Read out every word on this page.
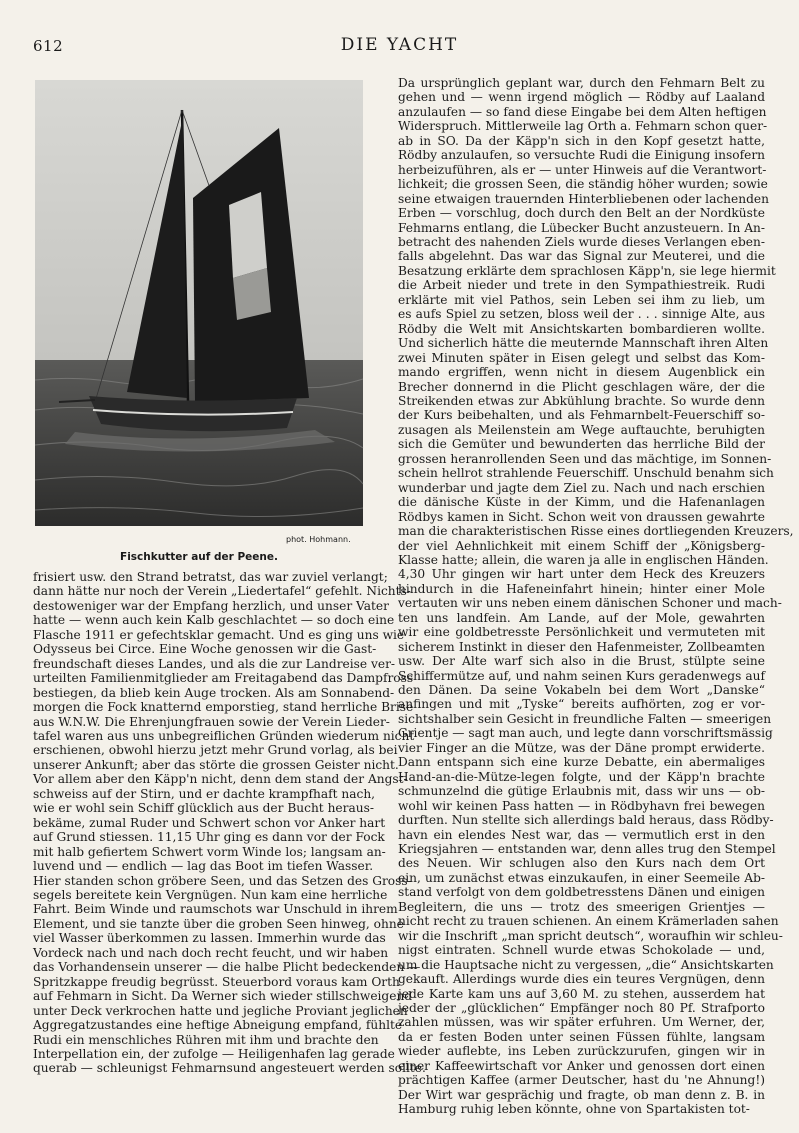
612	DIE YACHT
phot. Hohmann.
Fischkutter auf der Peene.
Da ursprünglich geplant war, durch den Fehmarn Belt zu
gehen und — wenn irgend möglich — Rödby auf Laaland
anzulaufen — so fand diese Eingabe bei dem Alten heftigen
Widerspruch. Mittlerweile lag Orth a. Fehmarn schon quer-
ab in SO. Da der Käpp'n sich in den Kopf gesetzt hatte,
Rödby anzulaufen, so versuchte Rudi die Einigung insofern
herbeizuführen, als er — unter Hinweis auf die Verantwort-
lichkeit; die grossen Seen, die ständig höher wurden; sowie
seine etwaigen trauernden Hinterbliebenen oder lachenden
Erben — vorschlug, doch durch den Belt an der Nordküste
Fehmarns entlang, die Lübecker Bucht anzusteuern. In An-
betracht des nahenden Ziels wurde dieses Verlangen eben-
falls abgelehnt. Das war das Signal zur Meuterei, und die
Besatzung erklärte dem sprachlosen Käpp'n, sie lege hiermit
die Arbeit nieder und trete in den Sympathiestreik. Rudi
erklärte mit viel Pathos, sein Leben sei ihm zu lieb, um
es aufs Spiel zu setzen, bloss weil der . . . sinnige Alte, aus
Rödby die Welt mit Ansichtskarten bombardieren wollte.
Und sicherlich hätte die meuternde Mannschaft ihren Alten
zwei Minuten später in Eisen gelegt und selbst das Kom-
mando ergriffen, wenn nicht in diesem Augenblick ein
Brecher donnernd in die Plicht geschlagen wäre, der die
Streikenden etwas zur Abkühlung brachte. So wurde denn
der Kurs beibehalten, und als Fehmarnbelt-Feuerschiff so-
zusagen als Meilenstein am Wege auftauchte, beruhigten
sich die Gemüter und bewunderten das herrliche Bild der
grossen heranrollenden Seen und das mächtige, im Sonnen-
schein hellrot strahlende Feuerschiff. Unschuld benahm sich
wunderbar und jagte dem Ziel zu. Nach und nach erschien
die dänische Küste in der Kimm, und die Hafenanlagen
Rödbys kamen in Sicht. Schon weit von draussen gewahrte
man die charakteristischen Risse eines dortliegenden Kreuzers,
der viel Aehnlichkeit mit einem Schiff der „Königsberg-
Klasse hatte; allein, die waren ja alle in englischen Händen.
4,30 Uhr gingen wir hart unter dem Heck des Kreuzers
hindurch in die Hafeneinfahrt hinein; hinter einer Mole
vertauten wir uns neben einem dänischen Schoner und mach-
ten uns landfein. Am Lande, auf der Mole, gewahrten
wir eine goldbetresste Persönlichkeit und vermuteten mit
sicherem Instinkt in dieser den Hafenmeister, Zollbeamten
usw. Der Alte warf sich also in die Brust, stülpte seine
Schiffermütze auf, und nahm seinen Kurs geradenwegs auf
den Dänen. Da seine Vokabeln bei dem Wort „Danske“
anfingen und mit „Tyske“ bereits aufhörten, zog er vor-
sichtshalber sein Gesicht in freundliche Falten — smeerigen
Grientje — sagt man auch, und legte dann vorschriftsmässig
vier Finger an die Mütze, was der Däne prompt erwiderte.
Dann entspann sich eine kurze Debatte, ein abermaliges
Hand-an-die-Mütze-legen folgte, und der Käpp'n brachte
schmunzelnd die gütige Erlaubnis mit, dass wir uns — ob-
wohl wir keinen Pass hatten — in Rödbyhavn frei bewegen
durften. Nun stellte sich allerdings bald heraus, dass Rödby-
havn ein elendes Nest war, das — vermutlich erst in den
Kriegsjahren — entstanden war, denn alles trug den Stempel
des Neuen. Wir schlugen also den Kurs nach dem Ort
ein, um zunächst etwas einzukaufen, in einer Seemeile Ab-
stand verfolgt von dem goldbetresstens Dänen und einigen
Begleitern, die uns — trotz des smeerigen Grientjes —
nicht recht zu trauen schienen. An einem Krämerladen sahen
wir die Inschrift „man spricht deutsch“, woraufhin wir schleu-
nigst eintraten. Schnell wurde etwas Schokolade — und,
um die Hauptsache nicht zu vergessen, „die“ Ansichtskarten
gekauft. Allerdings wurde dies ein teures Vergnügen, denn
jede Karte kam uns auf 3,60 M. zu stehen, ausserdem hat
jeder der „glücklichen“ Empfänger noch 80 Pf. Strafporto
zahlen müssen, was wir später erfuhren. Um Werner, der,
da er festen Boden unter seinen Füssen fühlte, langsam
wieder auflebte, ins Leben zurückzurufen, gingen wir in
einer Kaffeewirtschaft vor Anker und genossen dort einen
prächtigen Kaffee (armer Deutscher, hast du 'ne Ahnung!)
Der Wirt war gesprächig und fragte, ob man denn z. B. in
Hamburg ruhig leben könnte, ohne von Spartakisten tot-
frisiert usw. den Strand betratst, das war zuviel verlangt;
dann hätte nur noch der Verein „Liedertafel“ gefehlt. Nichts-
destoweniger war der Empfang herzlich, und unser Vater
hatte — wenn auch kein Kalb geschlachtet — so doch eine
Flasche 1911 er gefechtsklar gemacht. Und es ging uns wie
Odysseus bei Circe. Eine Woche genossen wir die Gast-
freundschaft dieses Landes, und als die zur Landreise ver-
urteilten Familienmitglieder am Freitagabend das Dampfross
bestiegen, da blieb kein Auge trocken. Als am Sonnabend-
morgen die Fock knatternd emporstieg, stand herrliche Brise
aus W.N.W. Die Ehrenjungfrauen sowie der Verein Lieder-
tafel waren aus uns unbegreiflichen Gründen wiederum nicht
erschienen, obwohl hierzu jetzt mehr Grund vorlag, als bei
unserer Ankunft; aber das störte die grossen Geister nicht.
Vor allem aber den Käpp'n nicht, denn dem stand der Angst-
schweiss auf der Stirn, und er dachte krampfhaft nach,
wie er wohl sein Schiff glücklich aus der Bucht heraus-
bekäme, zumal Ruder und Schwert schon vor Anker hart
auf Grund stiessen. 11,15 Uhr ging es dann vor der Fock
mit halb gefiertem Schwert vorm Winde los; langsam an-
luvend und — endlich — lag das Boot im tiefen Wasser.
Hier standen schon gröbere Seen, und das Setzen des Gross-
segels bereitete kein Vergnügen. Nun kam eine herrliche
Fahrt. Beim Winde und raumschots war Unschuld in ihrem
Element, und sie tanzte über die groben Seen hinweg, ohne
viel Wasser überkommen zu lassen. Immerhin wurde das
Vordeck nach und nach doch recht feucht, und wir haben
das Vorhandensein unserer — die halbe Plicht bedeckenden —
Spritzkappe freudig begrüsst. Steuerbord voraus kam Orth
auf Fehmarn in Sicht. Da Werner sich wieder stillschweigend
unter Deck verkrochen hatte und jegliche Proviant jeglichen
Aggregatzustandes eine heftige Abneigung empfand, fühlte
Rudi ein menschliches Rühren mit ihm und brachte den
Interpellation ein, der zufolge — Heiligenhafen lag gerade
querab — schleunigst Fehmarnsund angesteuert werden sollte.
